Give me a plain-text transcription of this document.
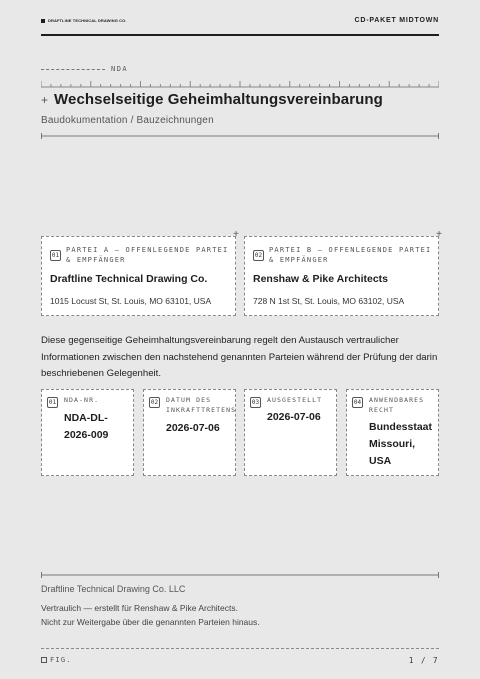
DRAFTLINE TECHNICAL DRAWING CO.	CD-PAKET MIDTOWN
NDA
+ Wechselseitige Geheimhaltungsvereinbarung
Baudokumentation / Bauzeichnungen
+
01
PARTEI A — OFFENLEGENDE PARTEI & EMPFÄNGER
Draftline Technical Drawing Co.
1015 Locust St, St. Louis, MO 63101, USA
+
02
PARTEI B — OFFENLEGENDE PARTEI & EMPFÄNGER
Renshaw & Pike Architects
728 N 1st St, St. Louis, MO 63102, USA

Diese gegenseitige Geheimhaltungsvereinbarung regelt den Austausch vertraulicher Informationen zwischen den nachstehend genannten Parteien während der Prüfung der darin beschriebenen Gelegenheit.

01 NDA-NR.
NDA-DL-
2026-009
02 DATUM DES INKRAFTTRETENS
2026-07-06
03 AUSGESTELLT
2026-07-06
04 ANWENDBARES RECHT
Bundesstaat
Missouri,
USA
Draftline Technical Drawing Co. LLC
Vertraulich — erstellt für Renshaw & Pike Architects.
Nicht zur Weitergabe über die genannten Parteien hinaus.
FIG.	1 / 7
